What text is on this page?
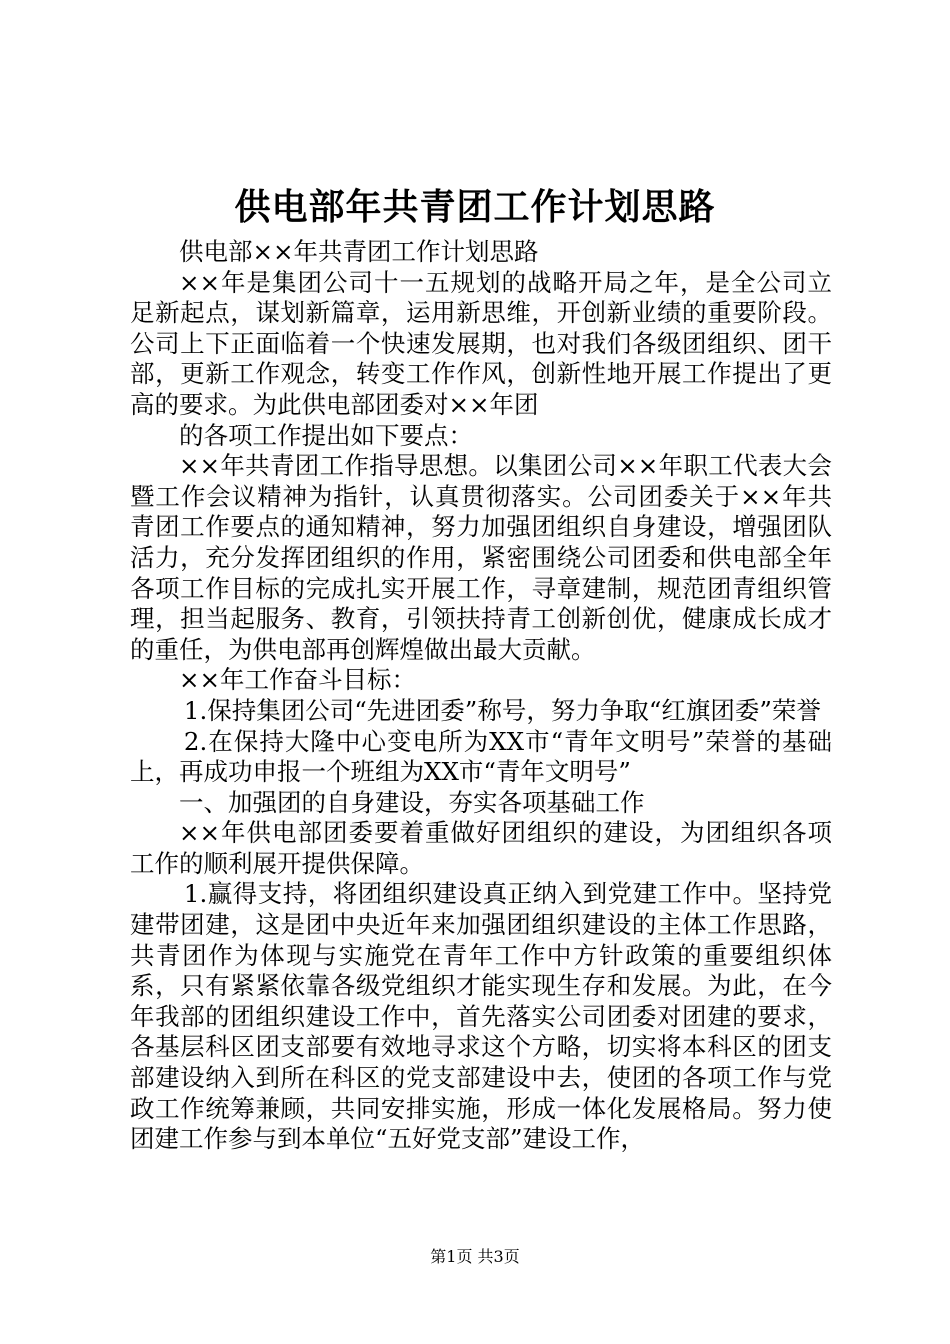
供电部年共青团工作计划思路

供电部××年共青团工作计划思路

××年是集团公司十一五规划的战略开局之年，是全公司立足新起点，谋划新篇章，运用新思维，开创新业绩的重要阶段。公司上下正面临着一个快速发展期，也对我们各级团组织、团干部，更新工作观念，转变工作作风，创新性地开展工作提出了更高的要求。为此供电部团委对××年团

的各项工作提出如下要点：

××年共青团工作指导思想。以集团公司××年职工代表大会暨工作会议精神为指针，认真贯彻落实。公司团委关于××年共青团工作要点的通知精神，努力加强团组织自身建设，增强团队活力，充分发挥团组织的作用，紧密围绕公司团委和供电部全年各项工作目标的完成扎实开展工作，寻章建制，规范团青组织管理，担当起服务、教育，引领扶持青工创新创优，健康成长成才的重任，为供电部再创辉煌做出最大贡献。

××年工作奋斗目标：

1.保持集团公司“先进团委”称号，努力争取“红旗团委”荣誉

2.在保持大隆中心变电所为XX市“青年文明号”荣誉的基础上，再成功申报一个班组为XX市“青年文明号”

一、加强团的自身建设，夯实各项基础工作

××年供电部团委要着重做好团组织的建设，为团组织各项工作的顺利展开提供保障。

1.赢得支持，将团组织建设真正纳入到党建工作中。坚持党建带团建，这是团中央近年来加强团组织建设的主体工作思路，共青团作为体现与实施党在青年工作中方针政策的重要组织体系，只有紧紧依靠各级党组织才能实现生存和发展。为此，在今年我部的团组织建设工作中，首先落实公司团委对团建的要求，各基层科区团支部要有效地寻求这个方略，切实将本科区的团支部建设纳入到所在科区的党支部建设中去，使团的各项工作与党政工作统筹兼顾，共同安排实施，形成一体化发展格局。努力使团建工作参与到本单位“五好党支部”建设工作，

第1页 共3页
